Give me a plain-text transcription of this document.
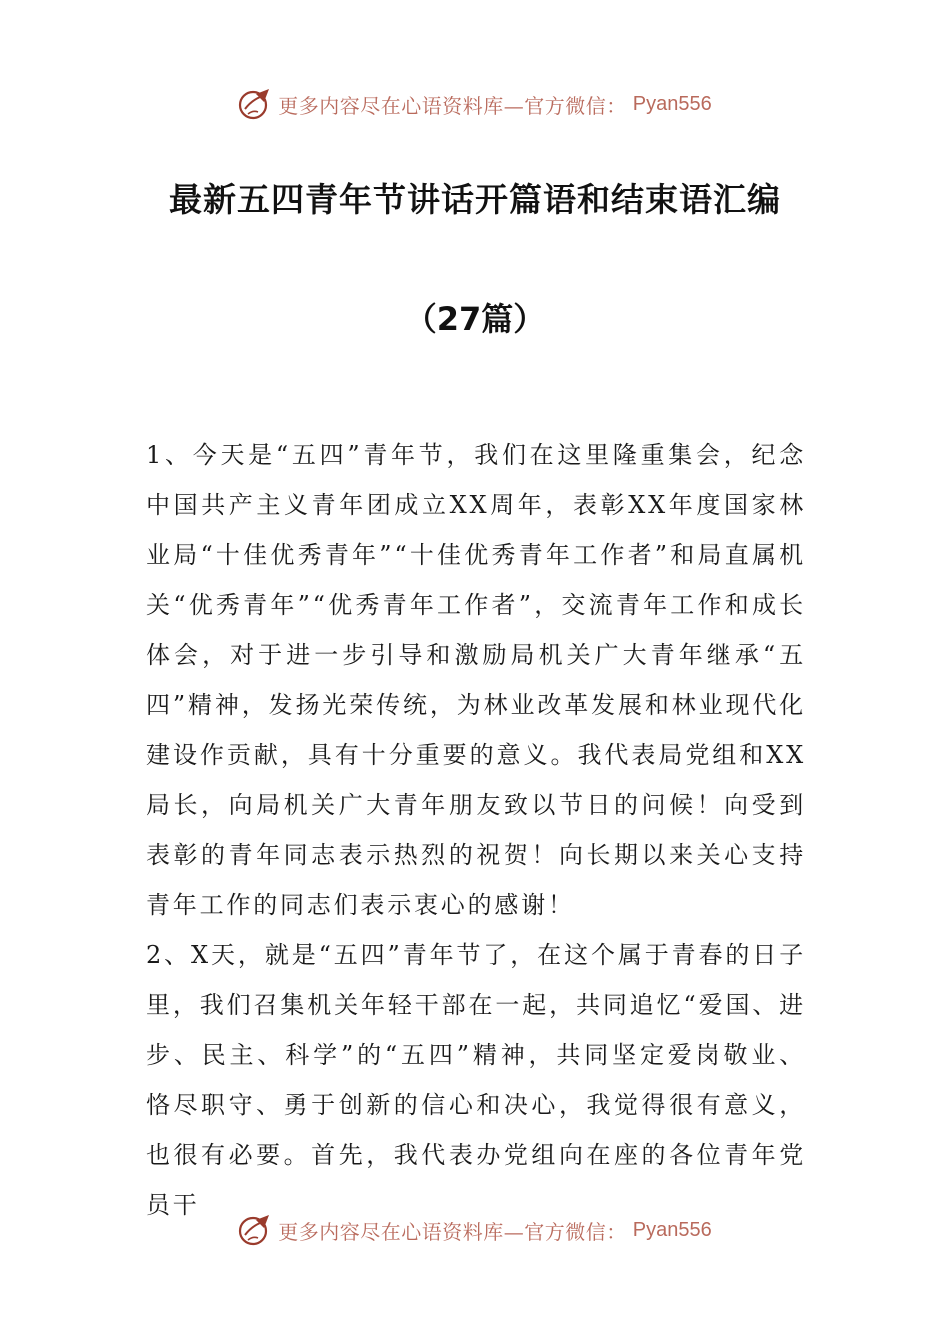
更多内容尽在心语资料库—官方微信： Pyan556
最新五四青年节讲话开篇语和结束语汇编
（27篇）

1、今天是“五四”青年节，我们在这里隆重集会，纪念中国共产主义青年团成立XX周年，表彰XX年度国家林业局“十佳优秀青年”“十佳优秀青年工作者”和局直属机关“优秀青年”“优秀青年工作者”，交流青年工作和成长体会，对于进一步引导和激励局机关广大青年继承“五四”精神，发扬光荣传统，为林业改革发展和林业现代化建设作贡献，具有十分重要的意义。我代表局党组和XX局长，向局机关广大青年朋友致以节日的问候！向受到表彰的青年同志表示热烈的祝贺！向长期以来关心支持青年工作的同志们表示衷心的感谢！

2、X天，就是“五四”青年节了，在这个属于青春的日子里，我们召集机关年轻干部在一起，共同追忆“爱国、进步、民主、科学”的“五四”精神，共同坚定爱岗敬业、恪尽职守、勇于创新的信心和决心，我觉得很有意义，也很有必要。首先，我代表办党组向在座的各位青年党员干

更多内容尽在心语资料库—官方微信： Pyan556
